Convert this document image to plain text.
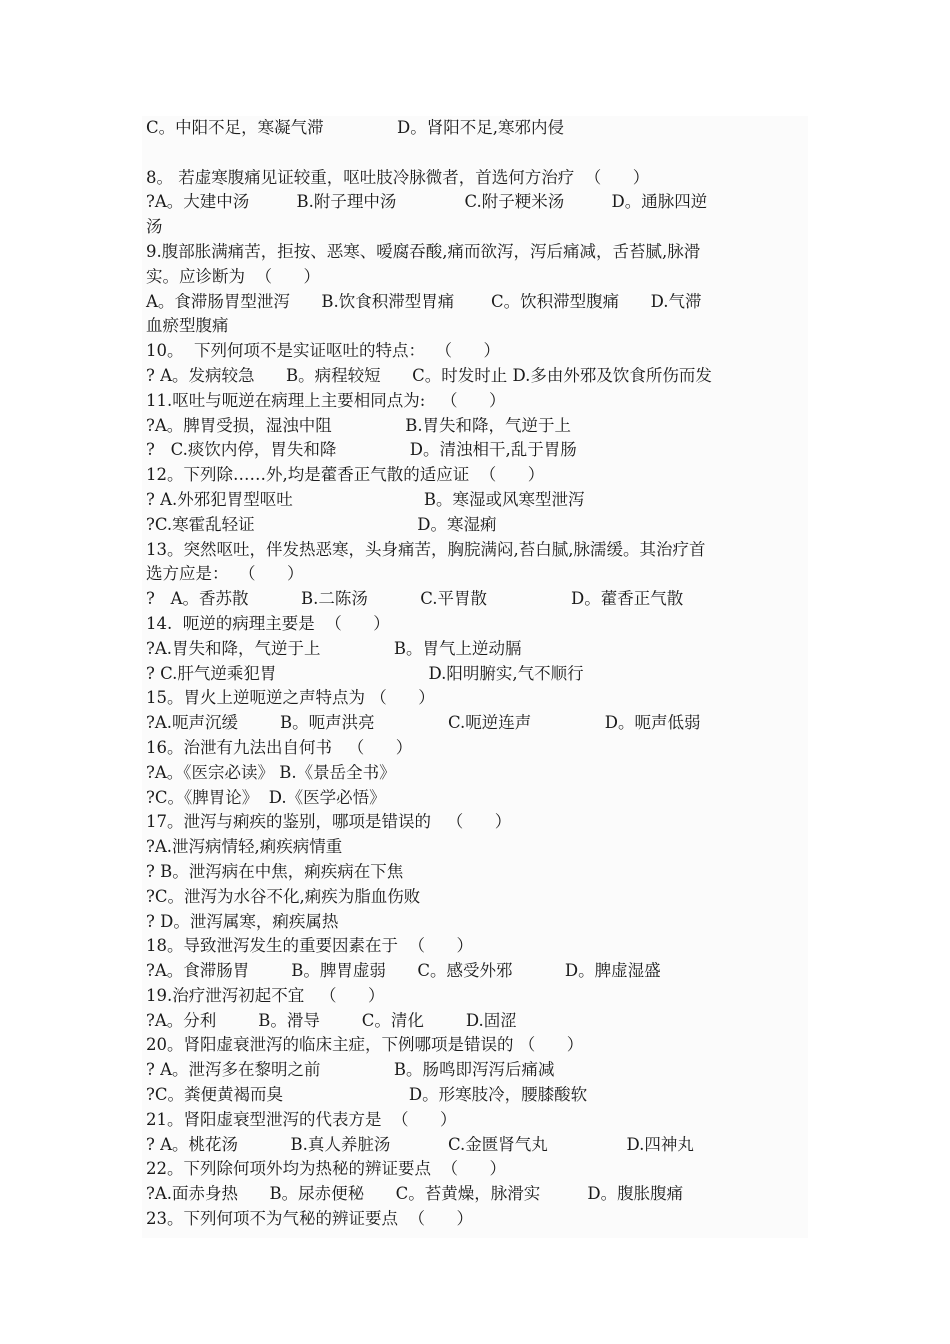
C。中阳不足，寒凝气滞              D。肾阳不足,寒邪内侵
8。 若虚寒腹痛见证较重，呕吐肢冷脉微者，首选何方治疗  （      ）
?A。大建中汤         B.附子理中汤             C.附子粳米汤         D。通脉四逆
汤
9.腹部胀满痛苦，拒按、恶寒、嗳腐吞酸,痛而欲泻，泻后痛减，舌苔腻,脉滑
实。应诊断为  （      ）
A。食滞肠胃型泄泻      B.饮食积滞型胃痛       C。饮积滞型腹痛      D.气滞
血瘀型腹痛
10。  下列何项不是实证呕吐的特点：  （      ）
? A。发病较急      B。病程较短      C。时发时止 D.多由外邪及饮食所伤而发
11.呕吐与呃逆在病理上主要相同点为:   （      ）
?A。脾胃受损，湿浊中阻              B.胃失和降，气逆于上
?   C.痰饮内停，胃失和降              D。清浊相干,乱于胃肠
12。下列除……外,均是藿香正气散的适应证  （      ）
? A.外邪犯胃型呕吐                         B。寒湿或风寒型泄泻
?C.寒霍乱轻证                               D。寒湿痢
13。突然呕吐，伴发热恶寒，头身痛苦，胸脘满闷,苔白腻,脉濡缓。其治疗首
选方应是：  （      ）
?   A。香苏散          B.二陈汤          C.平胃散                D。藿香正气散
14.  呃逆的病理主要是  （      ）
?A.胃失和降，气逆于上              B。胃气上逆动膈
? C.肝气逆乘犯胃                             D.阳明腑实,气不顺行
15。胃火上逆呃逆之声特点为 （      ）
?A.呃声沉缓        B。呃声洪亮              C.呃逆连声              D。呃声低弱
16。治泄有九法出自何书   （      ）
?A。《医宗必读》 B.《景岳全书》
?C。《脾胃论》  D.《医学必悟》
17。泄泻与痢疾的鉴别，哪项是错误的   （      ）
?A.泄泻病情轻,痢疾病情重
? B。泄泻病在中焦，痢疾病在下焦
?C。泄泻为水谷不化,痢疾为脂血伤败
? D。泄泻属寒，痢疾属热
18。导致泄泻发生的重要因素在于  （      ）
?A。食滞肠胃        B。脾胃虚弱      C。感受外邪          D。脾虚湿盛
19.治疗泄泻初起不宜   （      ）
?A。分利        B。滑导        C。清化        D.固涩
20。肾阳虚衰泄泻的临床主症，下例哪项是错误的 （      ）
? A。泄泻多在黎明之前              B。肠鸣即泻泻后痛减
?C。粪便黄褐而臭                        D。形寒肢冷，腰膝酸软
21。肾阳虚衰型泄泻的代表方是  （      ）
? A。桃花汤          B.真人养脏汤           C.金匮肾气丸               D.四神丸
22。下列除何项外均为热秘的辨证要点  （      ）
?A.面赤身热      B。尿赤便秘      C。苔黄燥，脉滑实         D。腹胀腹痛
23。下列何项不为气秘的辨证要点  （      ）
